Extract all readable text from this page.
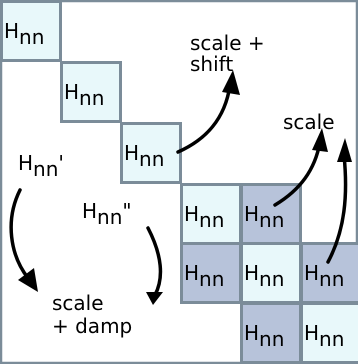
Hnn
Hnn
Hnn
Hnn Hnn
Hnn Hnn Hnn
Hnn Hnn
Hnn'
Hnn"
scale +
shift
scale
scale
+ damp
